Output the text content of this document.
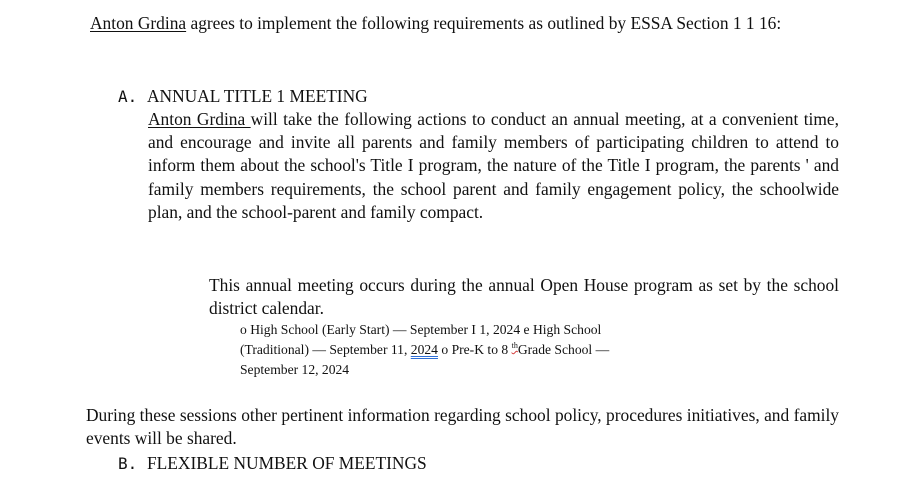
Anton Grdina agrees to implement the following requirements as outlined by ESSA Section 1 1 16:

A. ANNUAL TITLE 1 MEETING

Anton Grdina will take the following actions to conduct an annual meeting, at a convenient time, and encourage and invite all parents and family members of participating children to attend to inform them about the school's Title I program, the nature of the Title I program, the parents ' and family members requirements, the school parent and family engagement policy, the schoolwide plan, and the school-parent and family compact.

This annual meeting occurs during the annual Open House program as set by the school district calendar.

o High School (Early Start) — September I 1, 2024 e High School
(Traditional) — September 11, 2024 o Pre-K to 8 $^{th}$Grade School —
September 12, 2024

During these sessions other pertinent information regarding school policy, procedures initiatives, and family events will be shared.

B. FLEXIBLE NUMBER OF MEETINGS
